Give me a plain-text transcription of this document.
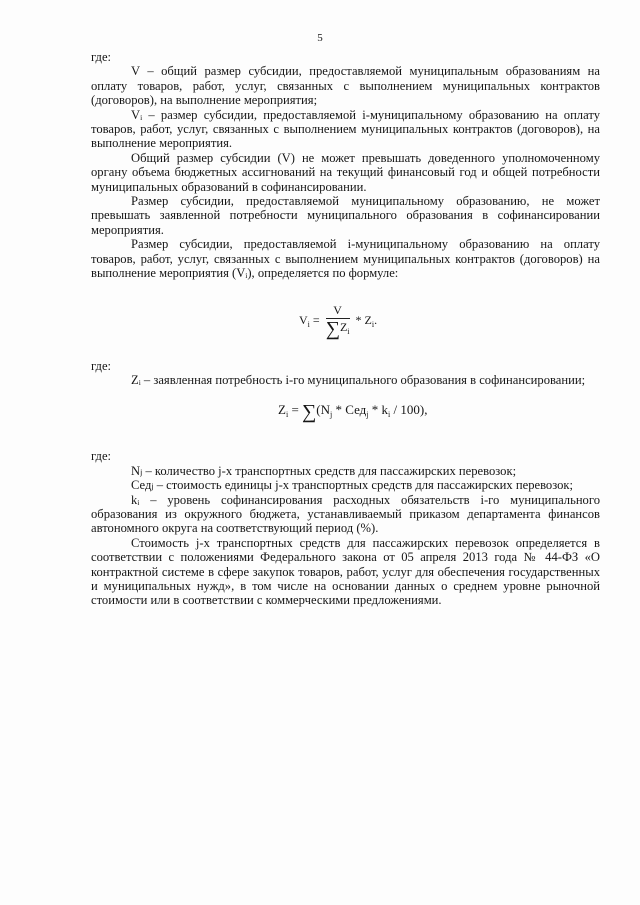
5

где:

V – общий размер субсидии, предоставляемой муниципальным образованиям на оплату товаров, работ, услуг, связанных с выполнением муниципальных контрактов (договоров), на выполнение мероприятия;

Vᵢ – размер субсидии, предоставляемой i-муниципальному образованию на оплату товаров, работ, услуг, связанных с выполнением муниципальных контрактов (договоров), на выполнение мероприятия.

Общий размер субсидии (V) не может превышать доведенного уполномоченному органу объема бюджетных ассигнований на текущий финансовый год и общей потребности муниципальных образований в софинансировании.

Размер субсидии, предоставляемой муниципальному образованию, не может превышать заявленной потребности муниципального образования в софинансировании мероприятия.

Размер субсидии, предоставляемой i-муниципальному образованию на оплату товаров, работ, услуг, связанных с выполнением муниципальных контрактов (договоров) на выполнение мероприятия (Vᵢ), определяется по формуле:

$V_i = \frac{V}{\sum Z_i} * Z_i$.

где:

Zᵢ – заявленная потребность i-го муниципального образования в софинансировании;

$Z_i = \sum(N_j * Сед_j * k_i / 100)$,

где:

Nⱼ – количество j-х транспортных средств для пассажирских перевозок;

Седⱼ – стоимость единицы j-х транспортных средств для пассажирских перевозок;

kᵢ – уровень софинансирования расходных обязательств i-го муниципального образования из окружного бюджета, устанавливаемый приказом департамента финансов автономного округа на соответствующий период (%).

Стоимость j-х транспортных средств для пассажирских перевозок определяется в соответствии с положениями Федерального закона от 05 апреля 2013 года № 44-ФЗ «О контрактной системе в сфере закупок товаров, работ, услуг для обеспечения государственных и муниципальных нужд», в том числе на основании данных о среднем уровне рыночной стоимости или в соответствии с коммерческими предложениями.
